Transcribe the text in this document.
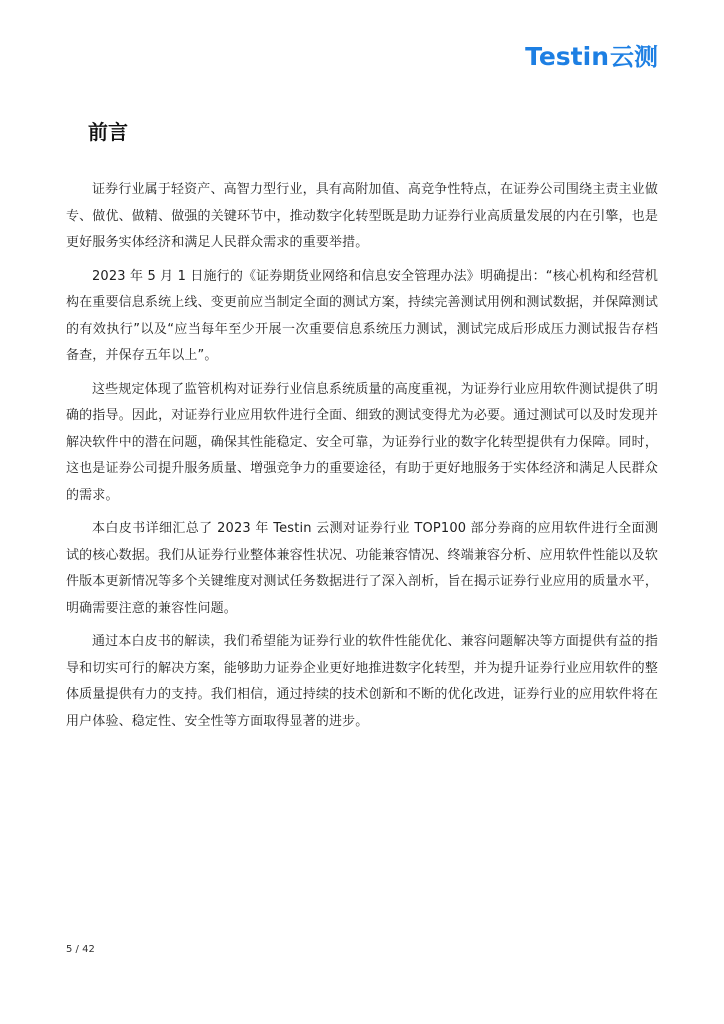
Testin 云测
前言

证券行业属于轻资产、高智力型行业，具有高附加值、高竞争性特点，在证券公司围绕主责主业做专、做优、做精、做强的关键环节中，推动数字化转型既是助力证券行业高质量发展的内在引擎，也是更好服务实体经济和满足人民群众需求的重要举措。

2023 年 5 月 1 日施行的《证券期货业网络和信息安全管理办法》明确提出：“核心机构和经营机构在重要信息系统上线、变更前应当制定全面的测试方案，持续完善测试用例和测试数据，并保障测试的有效执行”以及“应当每年至少开展一次重要信息系统压力测试，测试完成后形成压力测试报告存档备查，并保存五年以上”。

这些规定体现了监管机构对证券行业信息系统质量的高度重视，为证券行业应用软件测试提供了明确的指导。因此，对证券行业应用软件进行全面、细致的测试变得尤为必要。通过测试可以及时发现并解决软件中的潜在问题，确保其性能稳定、安全可靠，为证券行业的数字化转型提供有力保障。同时，这也是证券公司提升服务质量、增强竞争力的重要途径，有助于更好地服务于实体经济和满足人民群众的需求。

本白皮书详细汇总了 2023 年 Testin 云测对证券行业 TOP100 部分券商的应用软件进行全面测试的核心数据。我们从证券行业整体兼容性状况、功能兼容情况、终端兼容分析、应用软件性能以及软件版本更新情况等多个关键维度对测试任务数据进行了深入剖析，旨在揭示证券行业应用的质量水平，明确需要注意的兼容性问题。

通过本白皮书的解读，我们希望能为证券行业的软件性能优化、兼容问题解决等方面提供有益的指导和切实可行的解决方案，能够助力证券企业更好地推进数字化转型，并为提升证券行业应用软件的整体质量提供有力的支持。我们相信，通过持续的技术创新和不断的优化改进，证券行业的应用软件将在用户体验、稳定性、安全性等方面取得显著的进步。

5 / 42
